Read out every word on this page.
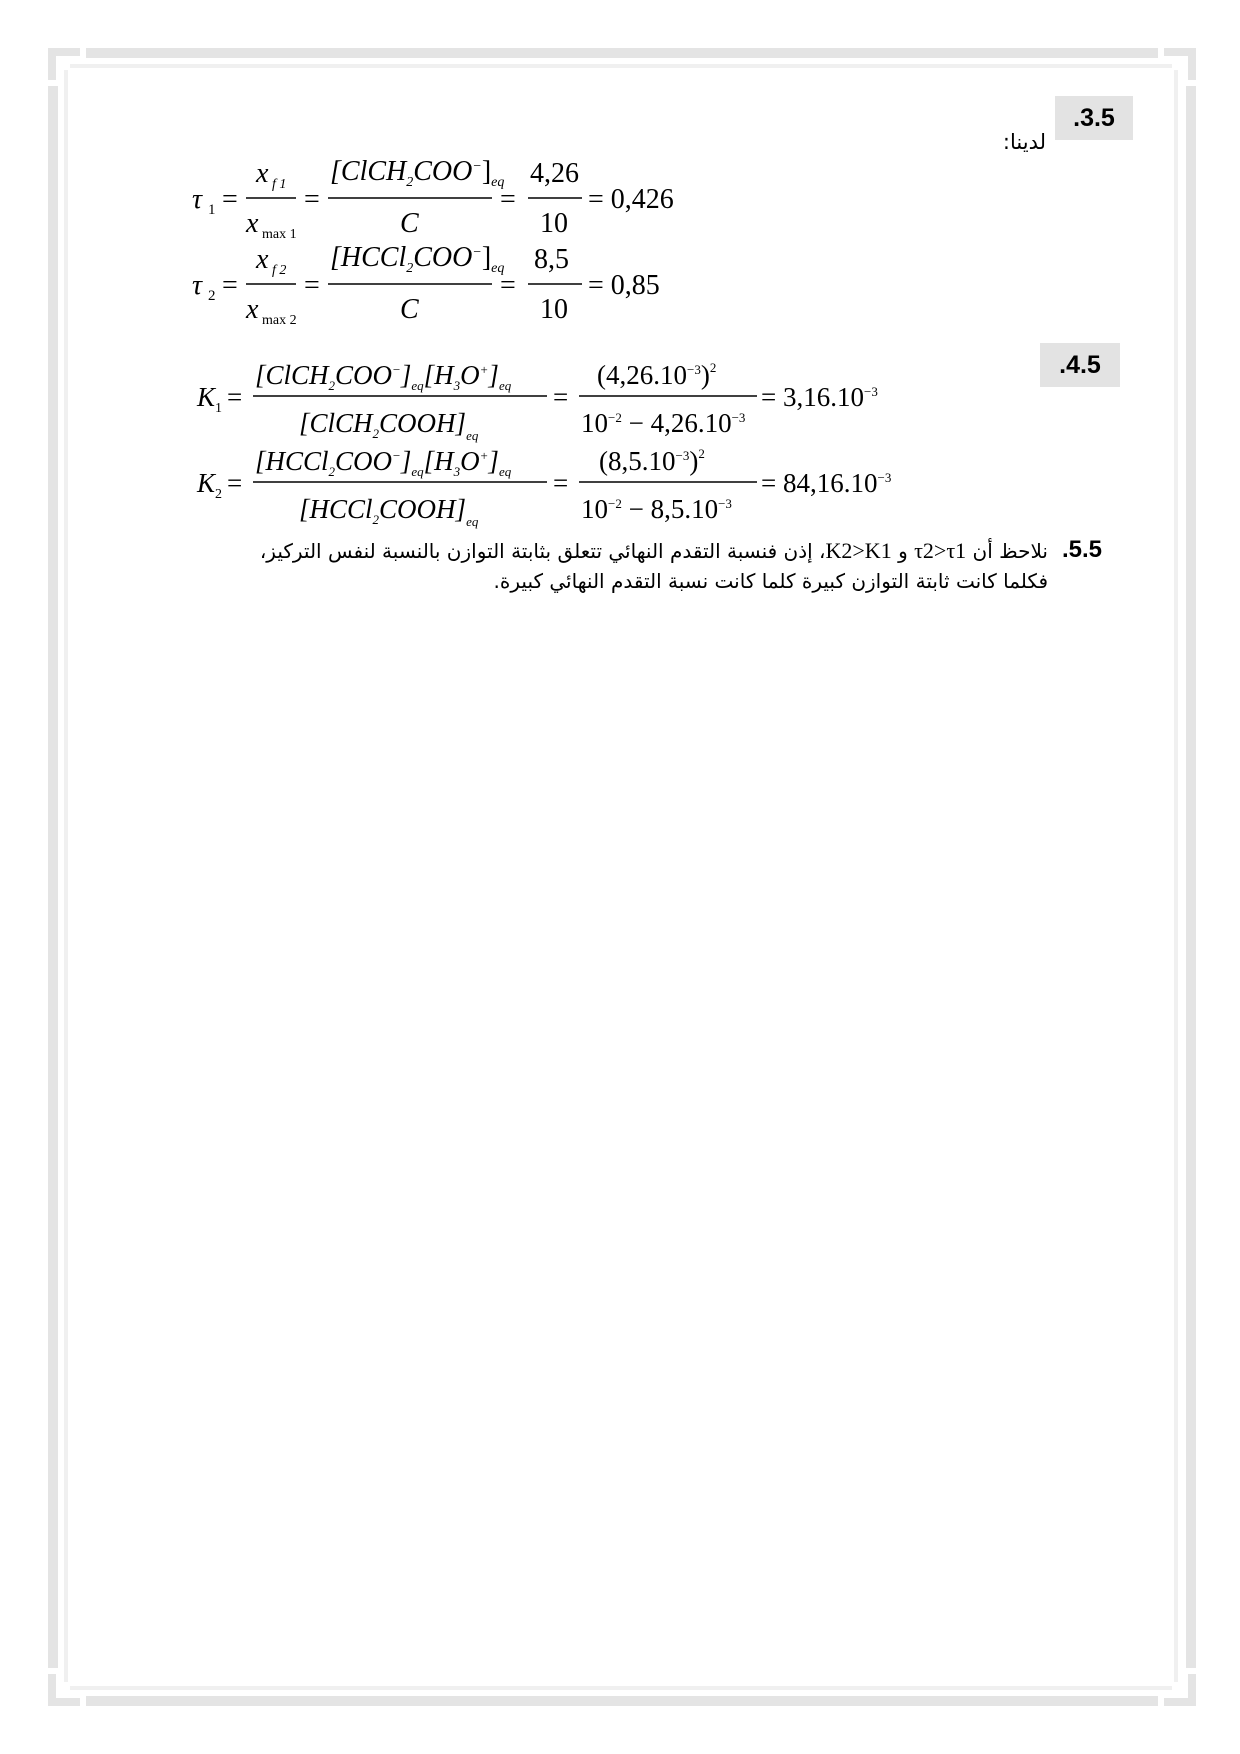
.3.5
لدينا:
τ 1 =
x f 1
x max 1
=
$[ClCH_2COO^-]_{eq}$
C
=
4,26
10
= 0,426
τ 2 =
x f 2
x max 2
=
$[HCCl_2COO^-]_{eq}$
C
=
8,5
10
= 0,85
.4.5
K 1 =
$[ClCH_2COO^-]_{eq}[H_3O^+]_{eq}$
$[ClCH_2COOH]_{eq}$
=
$(4,26.10^{-3})^2$
$10^{-2} - 4,26.10^{-3}$
= $3,16.10^{-3}$
K 2 =
$[HCCl_2COO^-]_{eq}[H_3O^+]_{eq}$
$[HCCl_2COOH]_{eq}$
=
$(8,5.10^{-3})^2$
$10^{-2} - 8,5.10^{-3}$
= $84,16.10^{-3}$
.5.5
نلاحظ أن τ2>τ1 و K2>K1، إذن فنسبة التقدم النهائي تتعلق بثابتة التوازن بالنسبة لنفس التركيز،
فكلما كانت ثابتة التوازن كبيرة كلما كانت نسبة التقدم النهائي كبيرة.
